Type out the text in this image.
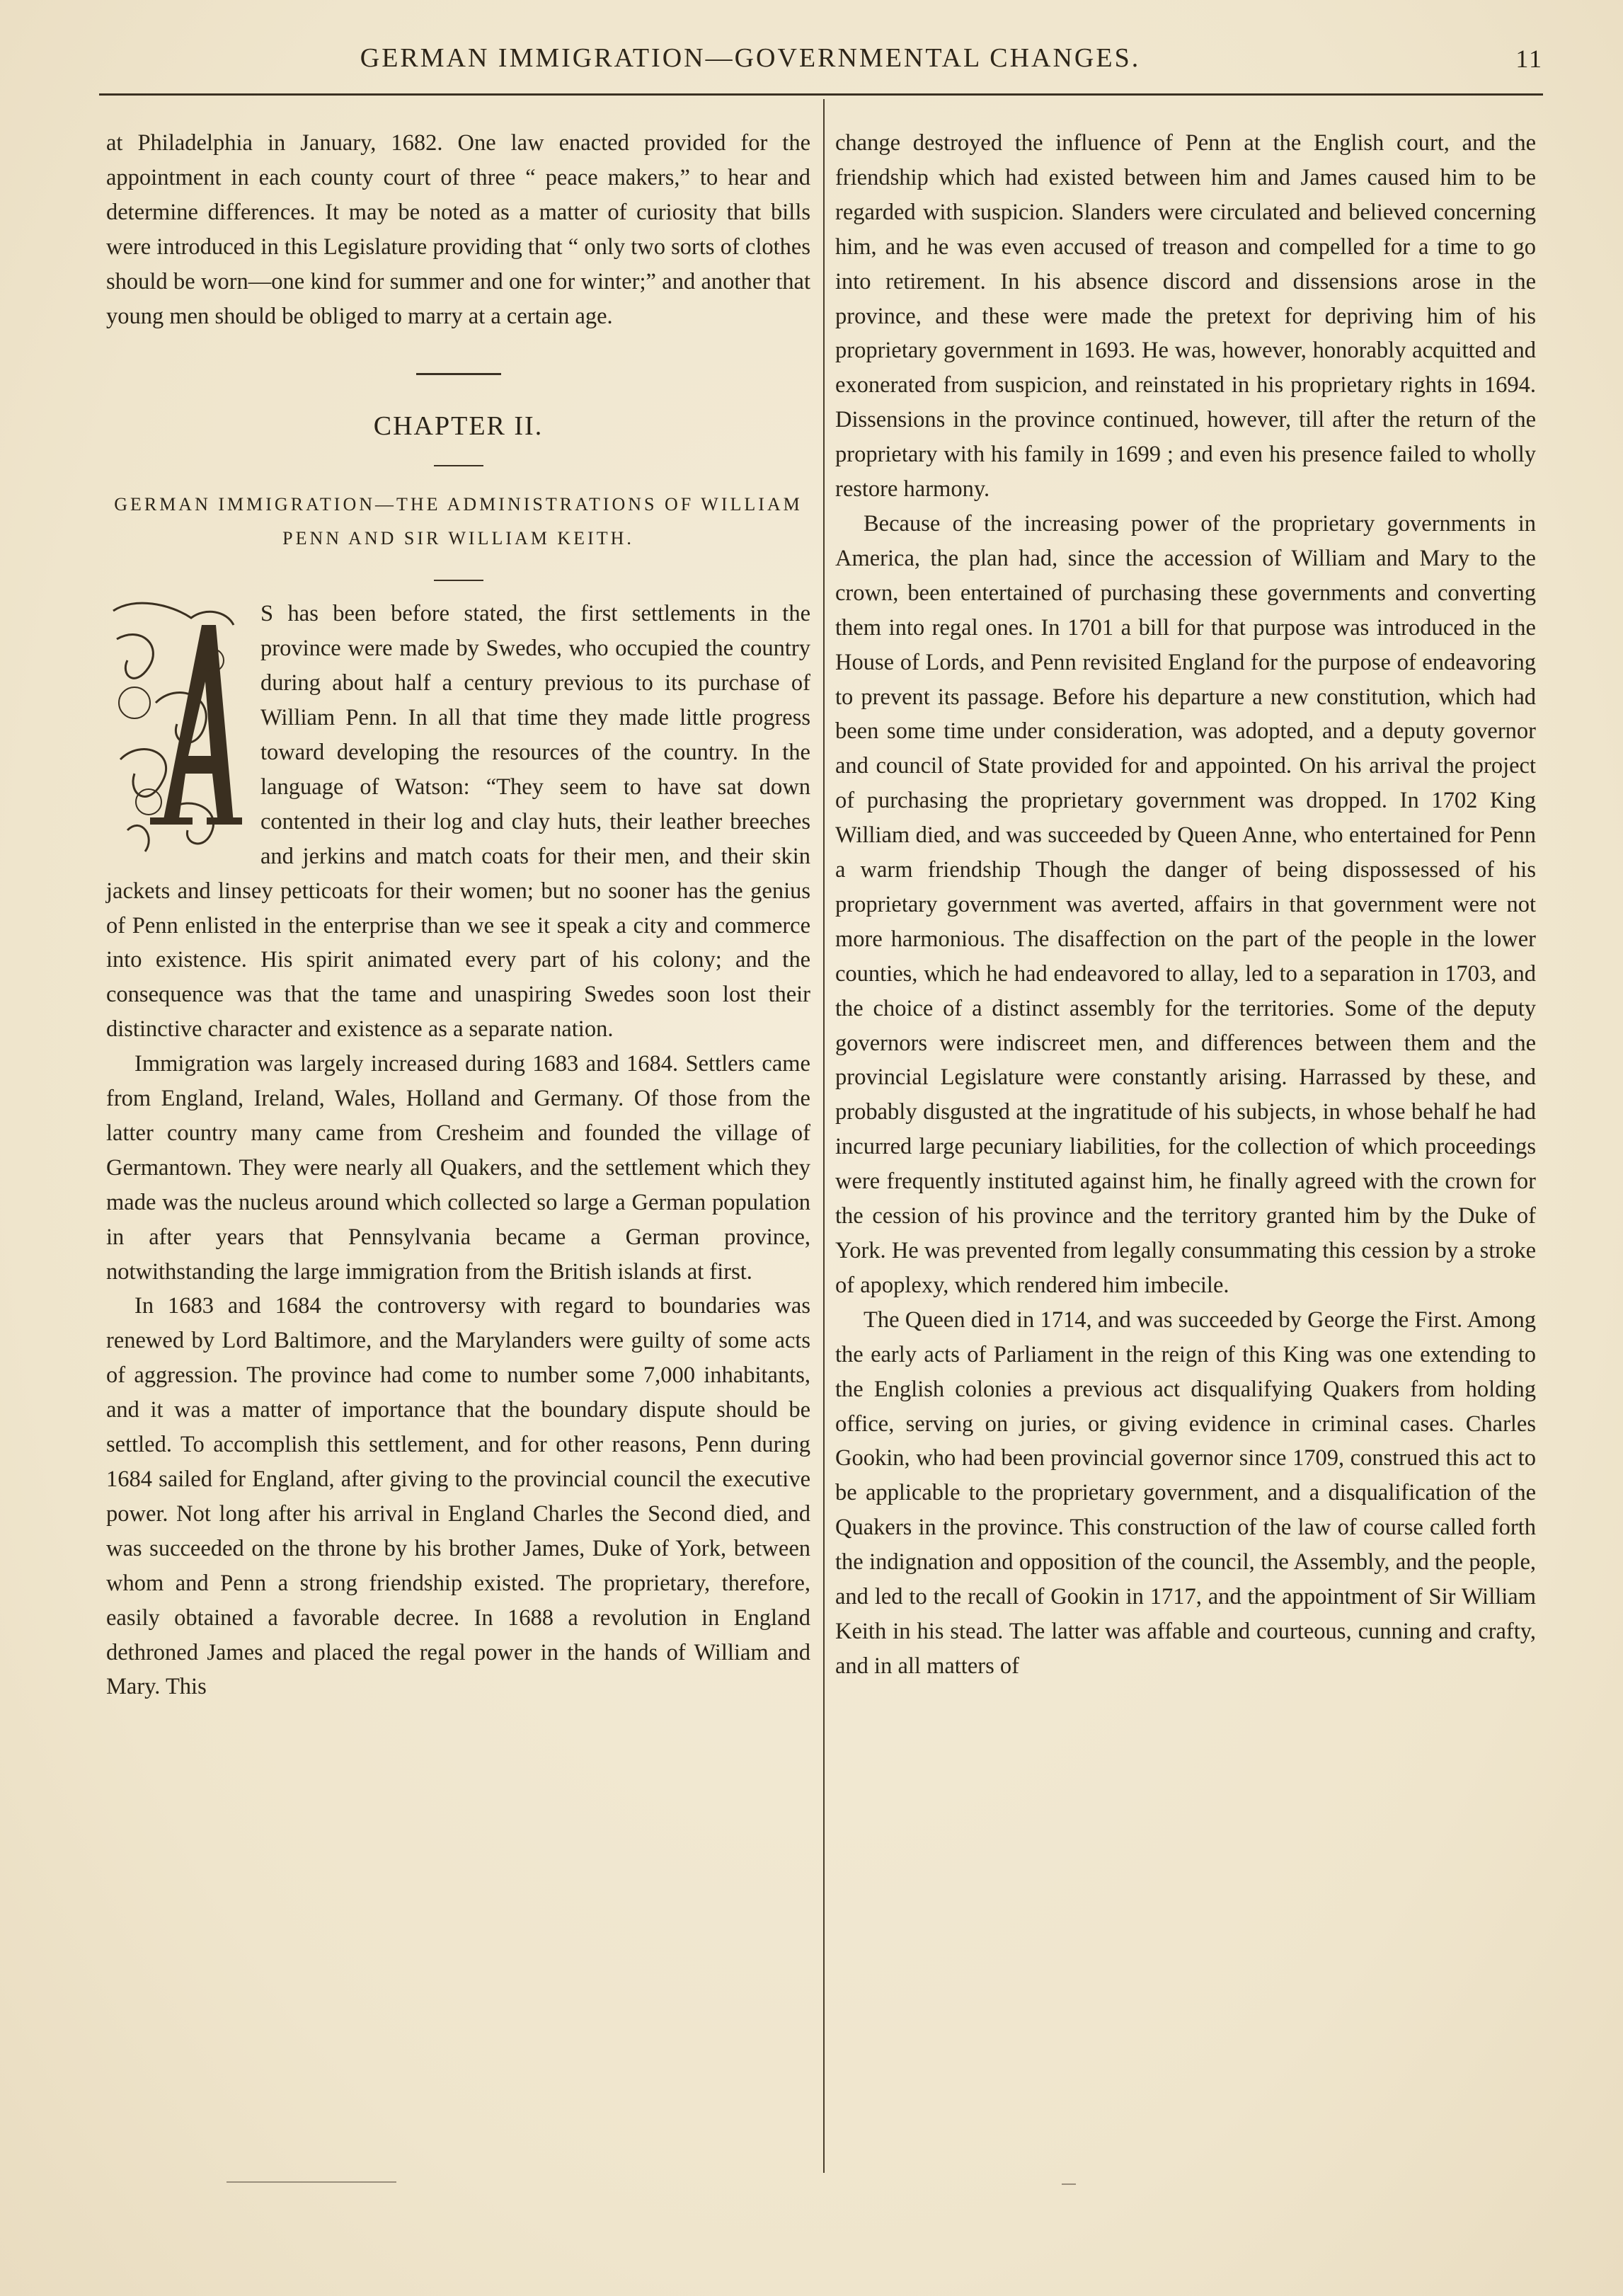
GERMAN IMMIGRATION—GOVERNMENTAL CHANGES.	11

at Philadelphia in January, 1682. One law enacted provided for the appointment in each county court of three “ peace makers,” to hear and determine differences. It may be noted as a matter of curiosity that bills were introduced in this Legislature providing that “ only two sorts of clothes should be worn—one kind for summer and one for winter;” and another that young men should be obliged to marry at a certain age.

CHAPTER II.

GERMAN IMMIGRATION—THE ADMINISTRATIONS OF WILLIAM PENN AND SIR WILLIAM KEITH.

S has been before stated, the first settlements in the province were made by Swedes, who occupied the country during about half a century previous to its purchase of William Penn. In all that time they made little progress toward developing the resources of the country. In the language of Watson: “They seem to have sat down contented in their log and clay huts, their leather breeches and jerkins and match coats for their men, and their skin jackets and linsey petticoats for their women; but no sooner has the genius of Penn enlisted in the enterprise than we see it speak a city and commerce into existence. His spirit animated every part of his colony; and the consequence was that the tame and unaspiring Swedes soon lost their distinctive character and existence as a separate nation.

Immigration was largely increased during 1683 and 1684. Settlers came from England, Ireland, Wales, Holland and Germany. Of those from the latter country many came from Cresheim and founded the village of Germantown. They were nearly all Quakers, and the settlement which they made was the nucleus around which collected so large a German population in after years that Pennsylvania became a German province, notwithstanding the large immigration from the British islands at first.

In 1683 and 1684 the controversy with regard to boundaries was renewed by Lord Baltimore, and the Marylanders were guilty of some acts of aggression. The province had come to number some 7,000 inhabitants, and it was a matter of importance that the boundary dispute should be settled. To accomplish this settlement, and for other reasons, Penn during 1684 sailed for England, after giving to the provincial council the executive power. Not long after his arrival in England Charles the Second died, and was succeeded on the throne by his brother James, Duke of York, between whom and Penn a strong friendship existed. The proprietary, therefore, easily obtained a favorable decree. In 1688 a revolution in England dethroned James and placed the regal power in the hands of William and Mary. This

change destroyed the influence of Penn at the English court, and the friendship which had existed between him and James caused him to be regarded with suspicion. Slanders were circulated and believed concerning him, and he was even accused of treason and compelled for a time to go into retirement. In his absence discord and dissensions arose in the province, and these were made the pretext for depriving him of his proprietary government in 1693. He was, however, honorably acquitted and exonerated from suspicion, and reinstated in his proprietary rights in 1694. Dissensions in the province continued, however, till after the return of the proprietary with his family in 1699 ; and even his presence failed to wholly restore harmony.

Because of the increasing power of the proprietary governments in America, the plan had, since the accession of William and Mary to the crown, been entertained of purchasing these governments and converting them into regal ones. In 1701 a bill for that purpose was introduced in the House of Lords, and Penn revisited England for the purpose of endeavoring to prevent its passage. Before his departure a new constitution, which had been some time under consideration, was adopted, and a deputy governor and council of State provided for and appointed. On his arrival the project of purchasing the proprietary government was dropped. In 1702 King William died, and was succeeded by Queen Anne, who entertained for Penn a warm friendship Though the danger of being dispossessed of his proprietary government was averted, affairs in that government were not more harmonious. The disaffection on the part of the people in the lower counties, which he had endeavored to allay, led to a separation in 1703, and the choice of a distinct assembly for the territories. Some of the deputy governors were indiscreet men, and differences between them and the provincial Legislature were constantly arising. Harrassed by these, and probably disgusted at the ingratitude of his subjects, in whose behalf he had incurred large pecuniary liabilities, for the collection of which proceedings were frequently instituted against him, he finally agreed with the crown for the cession of his province and the territory granted him by the Duke of York. He was prevented from legally consummating this cession by a stroke of apoplexy, which rendered him imbecile.

The Queen died in 1714, and was succeeded by George the First. Among the early acts of Parliament in the reign of this King was one extending to the English colonies a previous act disqualifying Quakers from holding office, serving on juries, or giving evidence in criminal cases. Charles Gookin, who had been provincial governor since 1709, construed this act to be applicable to the proprietary government, and a disqualification of the Quakers in the province. This construction of the law of course called forth the indignation and opposition of the council, the Assembly, and the people, and led to the recall of Gookin in 1717, and the appointment of Sir William Keith in his stead. The latter was affable and courteous, cunning and crafty, and in all matters of
